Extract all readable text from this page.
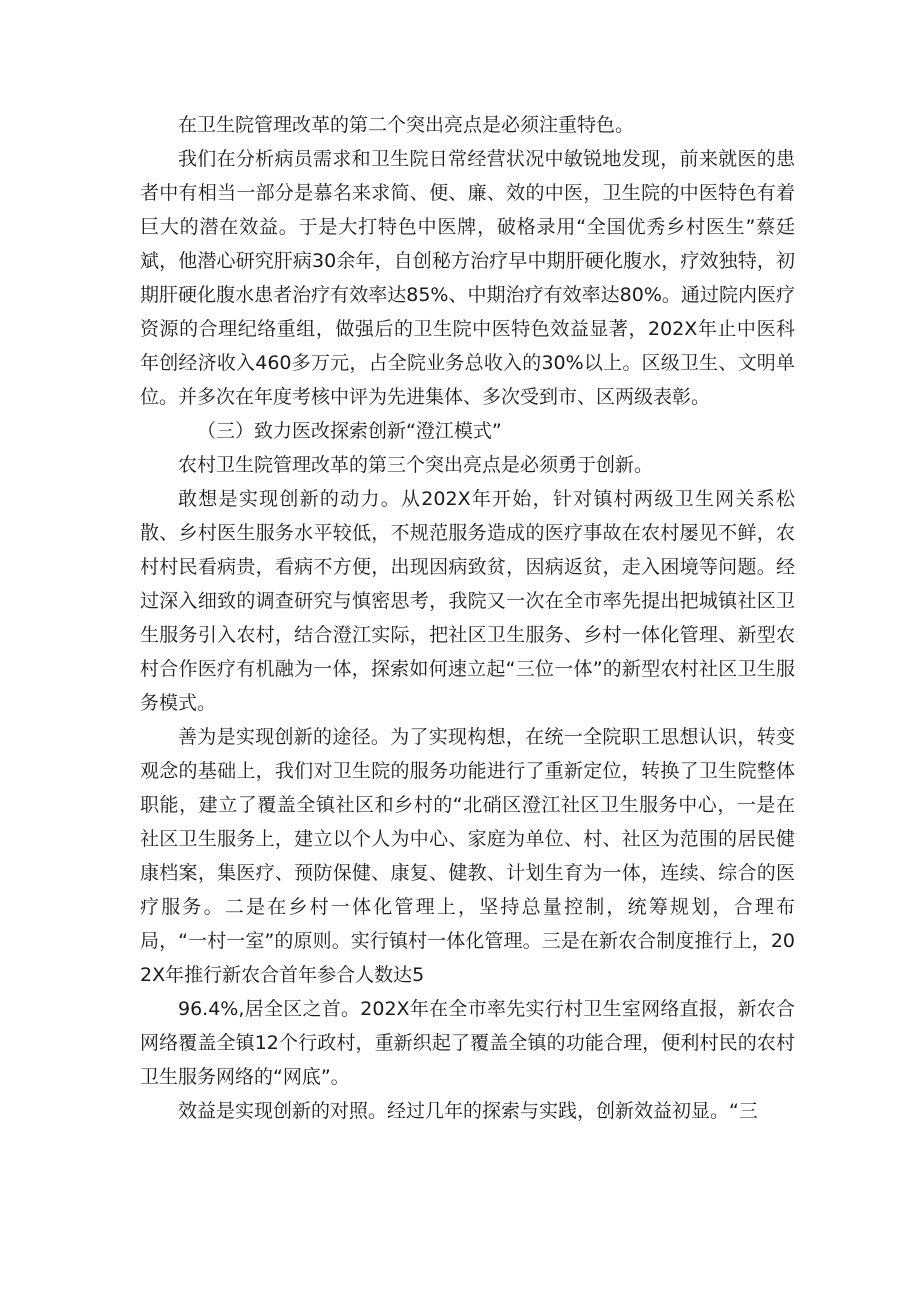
在卫生院管理改革的第二个突出亮点是必须注重特色。

我们在分析病员需求和卫生院日常经营状况中敏锐地发现，前来就医的患者中有相当一部分是慕名来求简、便、廉、效的中医，卫生院的中医特色有着巨大的潜在效益。于是大打特色中医牌，破格录用“全国优秀乡村医生”蔡廷斌，他潜心研究肝病30余年，自创秘方治疗早中期肝硬化腹水，疗效独特，初期肝硬化腹水患者治疗有效率达85%、中期治疗有效率达80%。通过院内医疗资源的合理纪络重组，做强后的卫生院中医特色效益显著，202X年止中医科年创经济收入460多万元，占全院业务总收入的30%以上。区级卫生、文明单位。并多次在年度考核中评为先进集体、多次受到市、区两级表彰。

（三）致力医改探索创新“澄江模式”

农村卫生院管理改革的第三个突出亮点是必须勇于创新。

敢想是实现创新的动力。从202X年开始，针对镇村两级卫生网关系松散、乡村医生服务水平较低，不规范服务造成的医疗事故在农村屡见不鲜，农村村民看病贵，看病不方便，出现因病致贫，因病返贫，走入困境等问题。经过深入细致的调查研究与慎密思考，我院又一次在全市率先提出把城镇社区卫生服务引入农村，结合澄江实际，把社区卫生服务、乡村一体化管理、新型农村合作医疗有机融为一体，探索如何速立起“三位一体”的新型农村社区卫生服务模式。

善为是实现创新的途径。为了实现构想，在统一全院职工思想认识，转变观念的基础上，我们对卫生院的服务功能进行了重新定位，转换了卫生院整体职能，建立了覆盖全镇社区和乡村的“北硝区澄江社区卫生服务中心，一是在社区卫生服务上，建立以个人为中心、家庭为单位、村、社区为范围的居民健康档案，集医疗、预防保健、康复、健教、计划生育为一体，连续、综合的医疗服务。二是在乡村一体化管理上，坚持总量控制，统筹规划，合理布局，“一村一室”的原则。实行镇村一体化管理。三是在新农合制度推行上，202X年推行新农合首年参合人数达5

96.4%,居全区之首。202X年在全市率先实行村卫生室网络直报，新农合网络覆盖全镇12个行政村，重新织起了覆盖全镇的功能合理，便利村民的农村卫生服务网络的“网底”。

效益是实现创新的对照。经过几年的探索与实践，创新效益初显。“三
